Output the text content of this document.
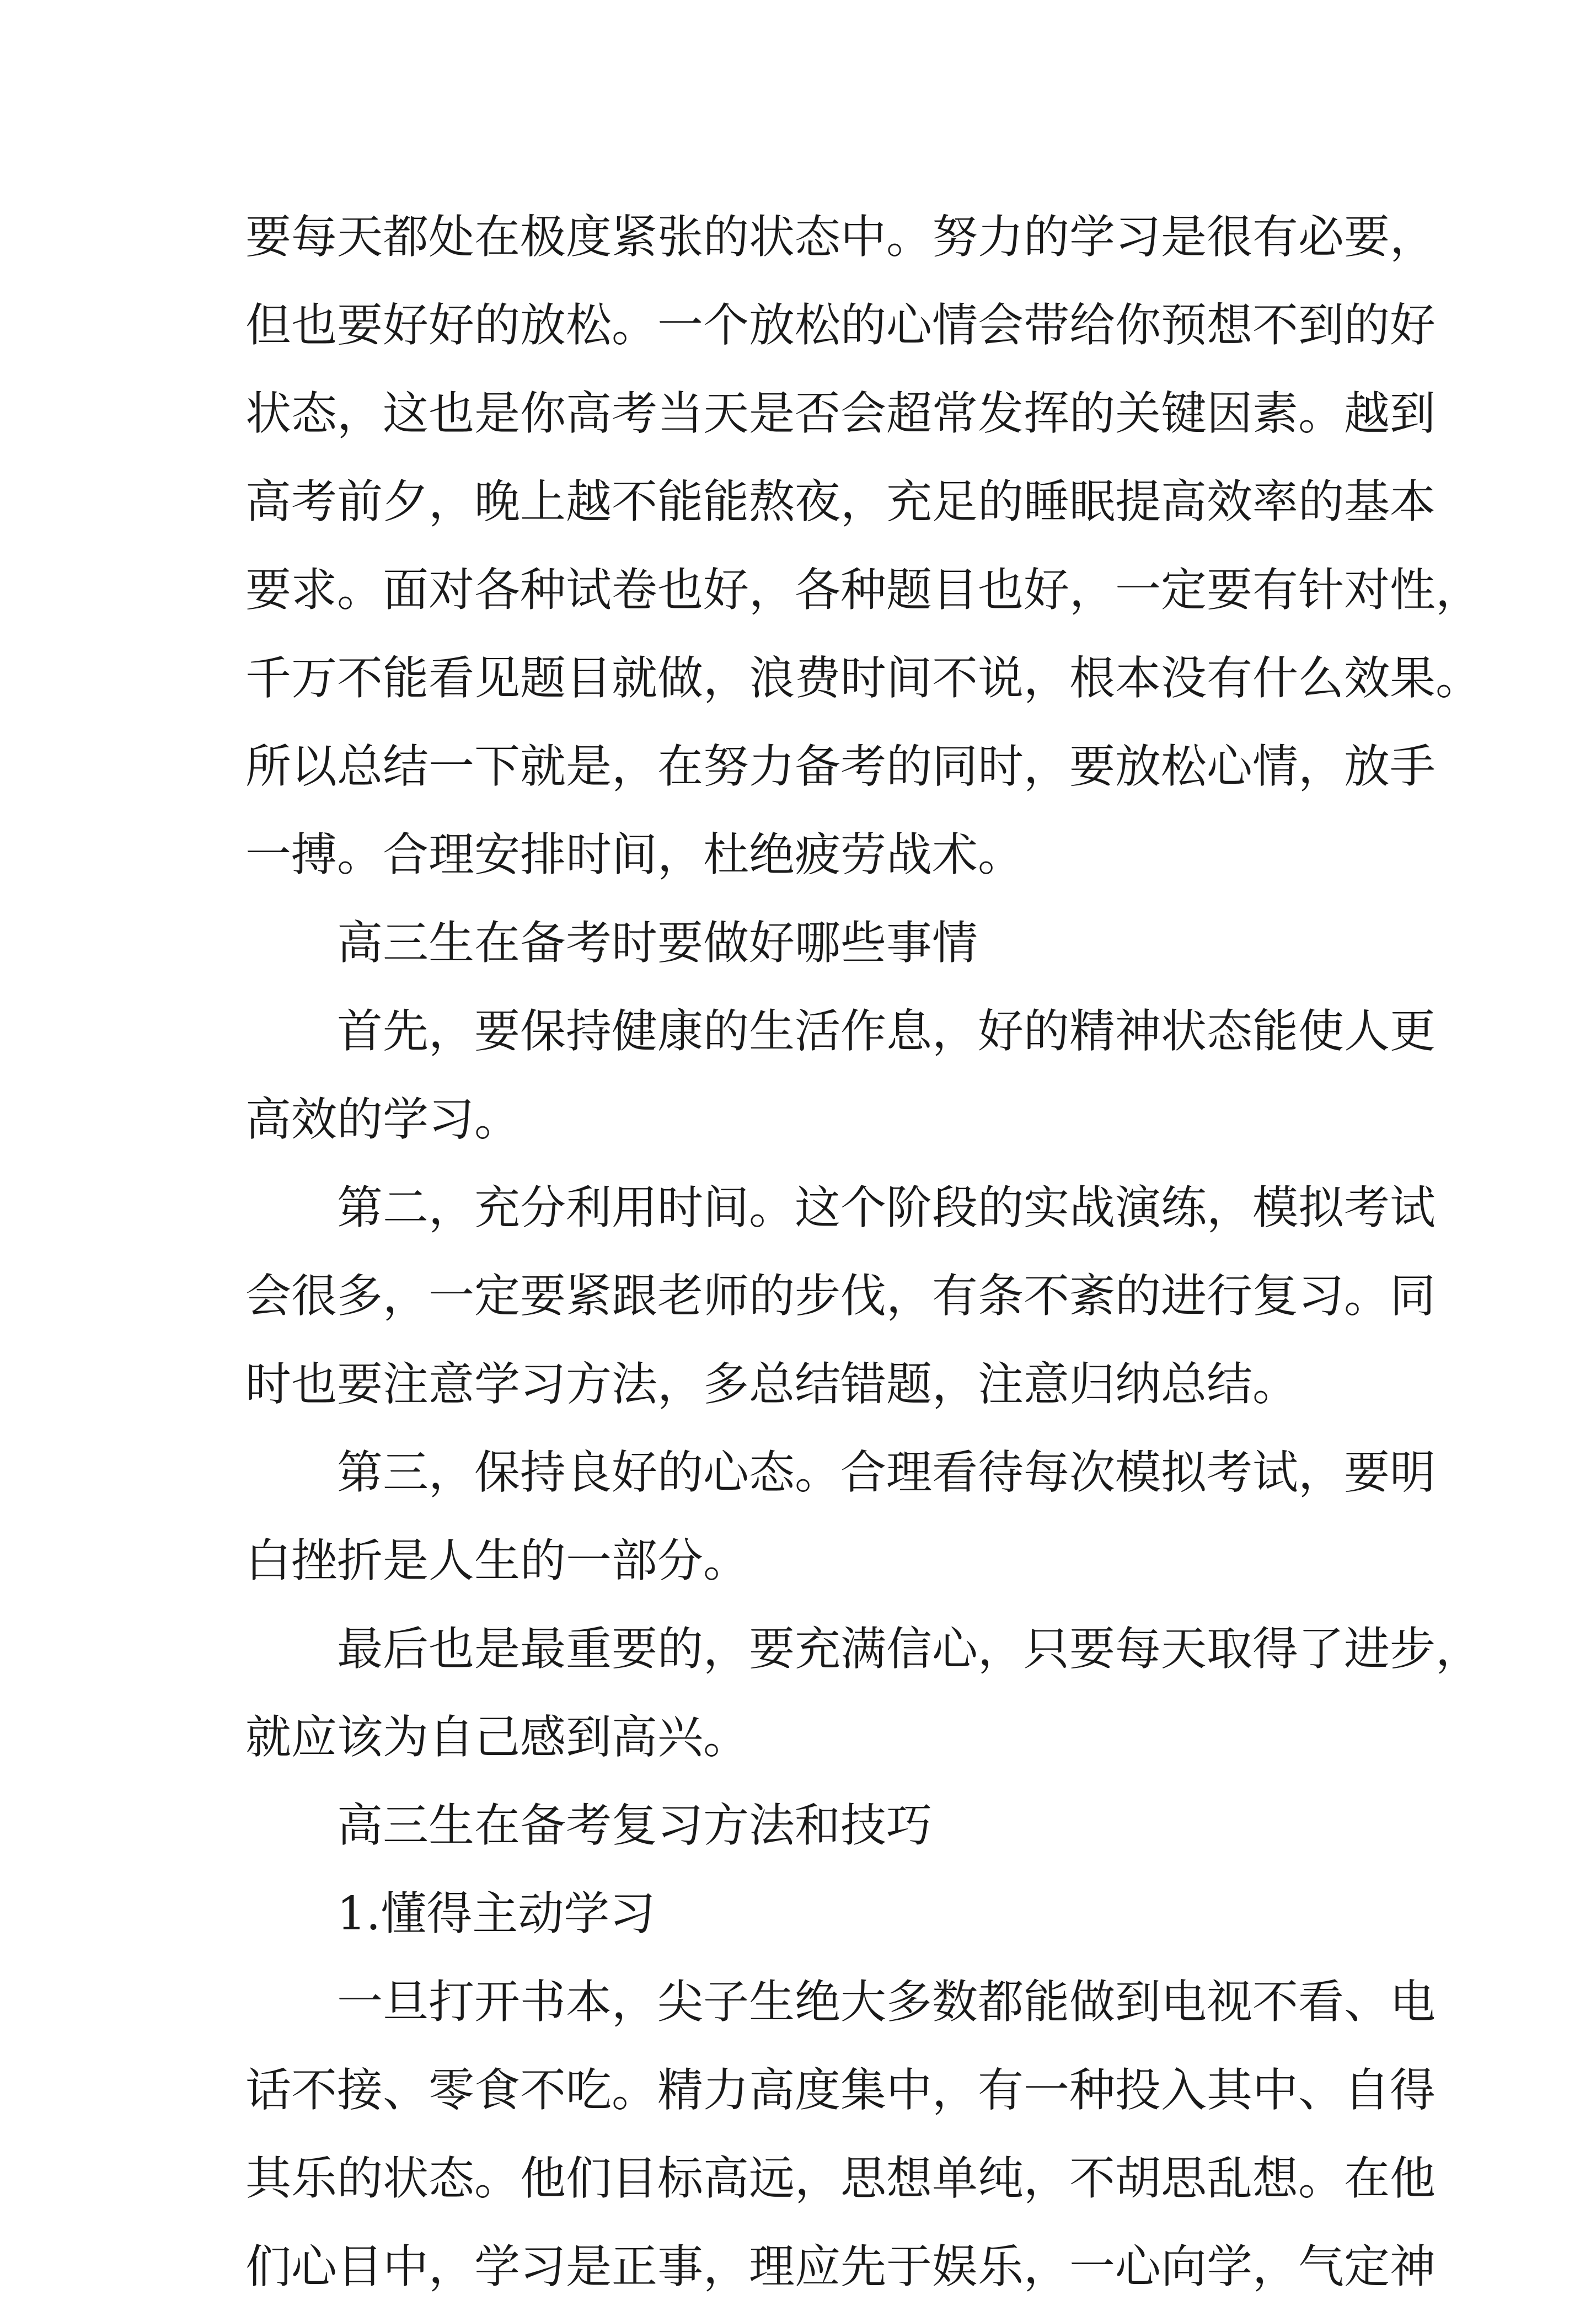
要每天都处在极度紧张的状态中。努力的学习是很有必要，
但也要好好的放松。一个放松的心情会带给你预想不到的好
状态，这也是你高考当天是否会超常发挥的关键因素。越到
高考前夕，晚上越不能能熬夜，充足的睡眠提高效率的基本
要求。面对各种试卷也好，各种题目也好，一定要有针对性，
千万不能看见题目就做，浪费时间不说，根本没有什么效果。
所以总结一下就是，在努力备考的同时，要放松心情，放手
一搏。合理安排时间，杜绝疲劳战术。
高三生在备考时要做好哪些事情
首先，要保持健康的生活作息，好的精神状态能使人更
高效的学习。
第二，充分利用时间。这个阶段的实战演练，模拟考试
会很多，一定要紧跟老师的步伐，有条不紊的进行复习。同
时也要注意学习方法，多总结错题，注意归纳总结。
第三，保持良好的心态。合理看待每次模拟考试，要明
白挫折是人生的一部分。
最后也是最重要的，要充满信心，只要每天取得了进步，
就应该为自己感到高兴。
高三生在备考复习方法和技巧
1.懂得主动学习
一旦打开书本，尖子生绝大多数都能做到电视不看、电
话不接、零食不吃。精力高度集中，有一种投入其中、自得
其乐的状态。他们目标高远，思想单纯，不胡思乱想。在他
们心目中，学习是正事，理应先于娱乐，一心向学，气定神
